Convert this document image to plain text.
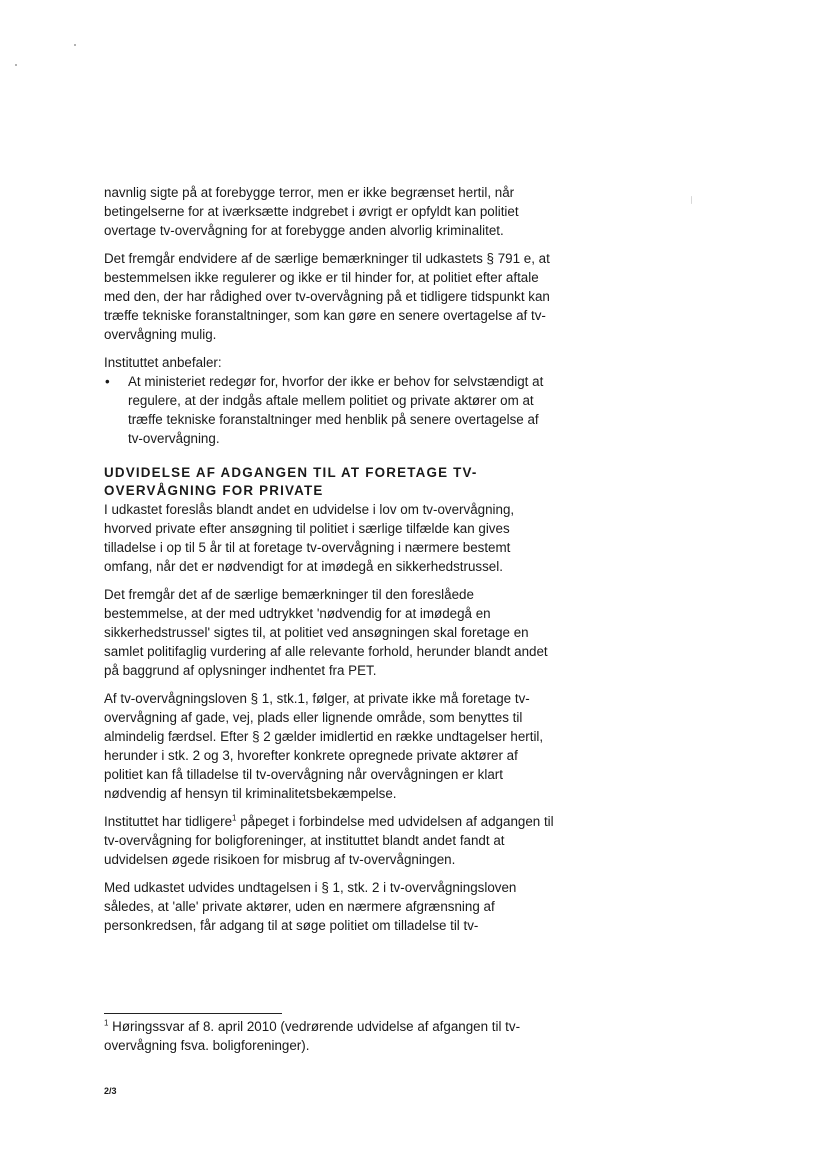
navnlig sigte på at forebygge terror, men er ikke begrænset hertil, når betingelserne for at iværksætte indgrebet i øvrigt er opfyldt kan politiet overtage tv-overvågning for at forebygge anden alvorlig kriminalitet.

Det fremgår endvidere af de særlige bemærkninger til udkastets § 791 e, at bestemmelsen ikke regulerer og ikke er til hinder for, at politiet efter aftale med den, der har rådighed over tv-overvågning på et tidligere tidspunkt kan træffe tekniske foranstaltninger, som kan gøre en senere overtagelse af tv-overvågning mulig.

Instituttet anbefaler:

• At ministeriet redegør for, hvorfor der ikke er behov for selvstændigt at regulere, at der indgås aftale mellem politiet og private aktører om at træffe tekniske foranstaltninger med henblik på senere overtagelse af tv-overvågning.
UDVIDELSE AF ADGANGEN TIL AT FORETAGE TV-OVERVÅGNING FOR PRIVATE

I udkastet foreslås blandt andet en udvidelse i lov om tv-overvågning, hvorved private efter ansøgning til politiet i særlige tilfælde kan gives tilladelse i op til 5 år til at foretage tv-overvågning i nærmere bestemt omfang, når det er nødvendigt for at imødegå en sikkerhedstrussel.

Det fremgår det af de særlige bemærkninger til den foreslåede bestemmelse, at der med udtrykket 'nødvendig for at imødegå en sikkerhedstrussel' sigtes til, at politiet ved ansøgningen skal foretage en samlet politifaglig vurdering af alle relevante forhold, herunder blandt andet på baggrund af oplysninger indhentet fra PET.

Af tv-overvågningsloven § 1, stk.1, følger, at private ikke må foretage tv-overvågning af gade, vej, plads eller lignende område, som benyttes til almindelig færdsel. Efter § 2 gælder imidlertid en række undtagelser hertil, herunder i stk. 2 og 3, hvorefter konkrete opregnede private aktører af politiet kan få tilladelse til tv-overvågning når overvågningen er klart nødvendig af hensyn til kriminalitetsbekæmpelse.

Instituttet har tidligere$^1$ påpeget i forbindelse med udvidelsen af adgangen til tv-overvågning for boligforeninger, at instituttet blandt andet fandt at udvidelsen øgede risikoen for misbrug af tv-overvågningen.

Med udkastet udvides undtagelsen i § 1, stk. 2 i tv-overvågningsloven således, at 'alle' private aktører, uden en nærmere afgrænsning af personkredsen, får adgang til at søge politiet om tilladelse til tv-

$^1$ Høringssvar af 8. april 2010 (vedrørende udvidelse af afgangen til tv-overvågning fsva. boligforeninger).

2/3
